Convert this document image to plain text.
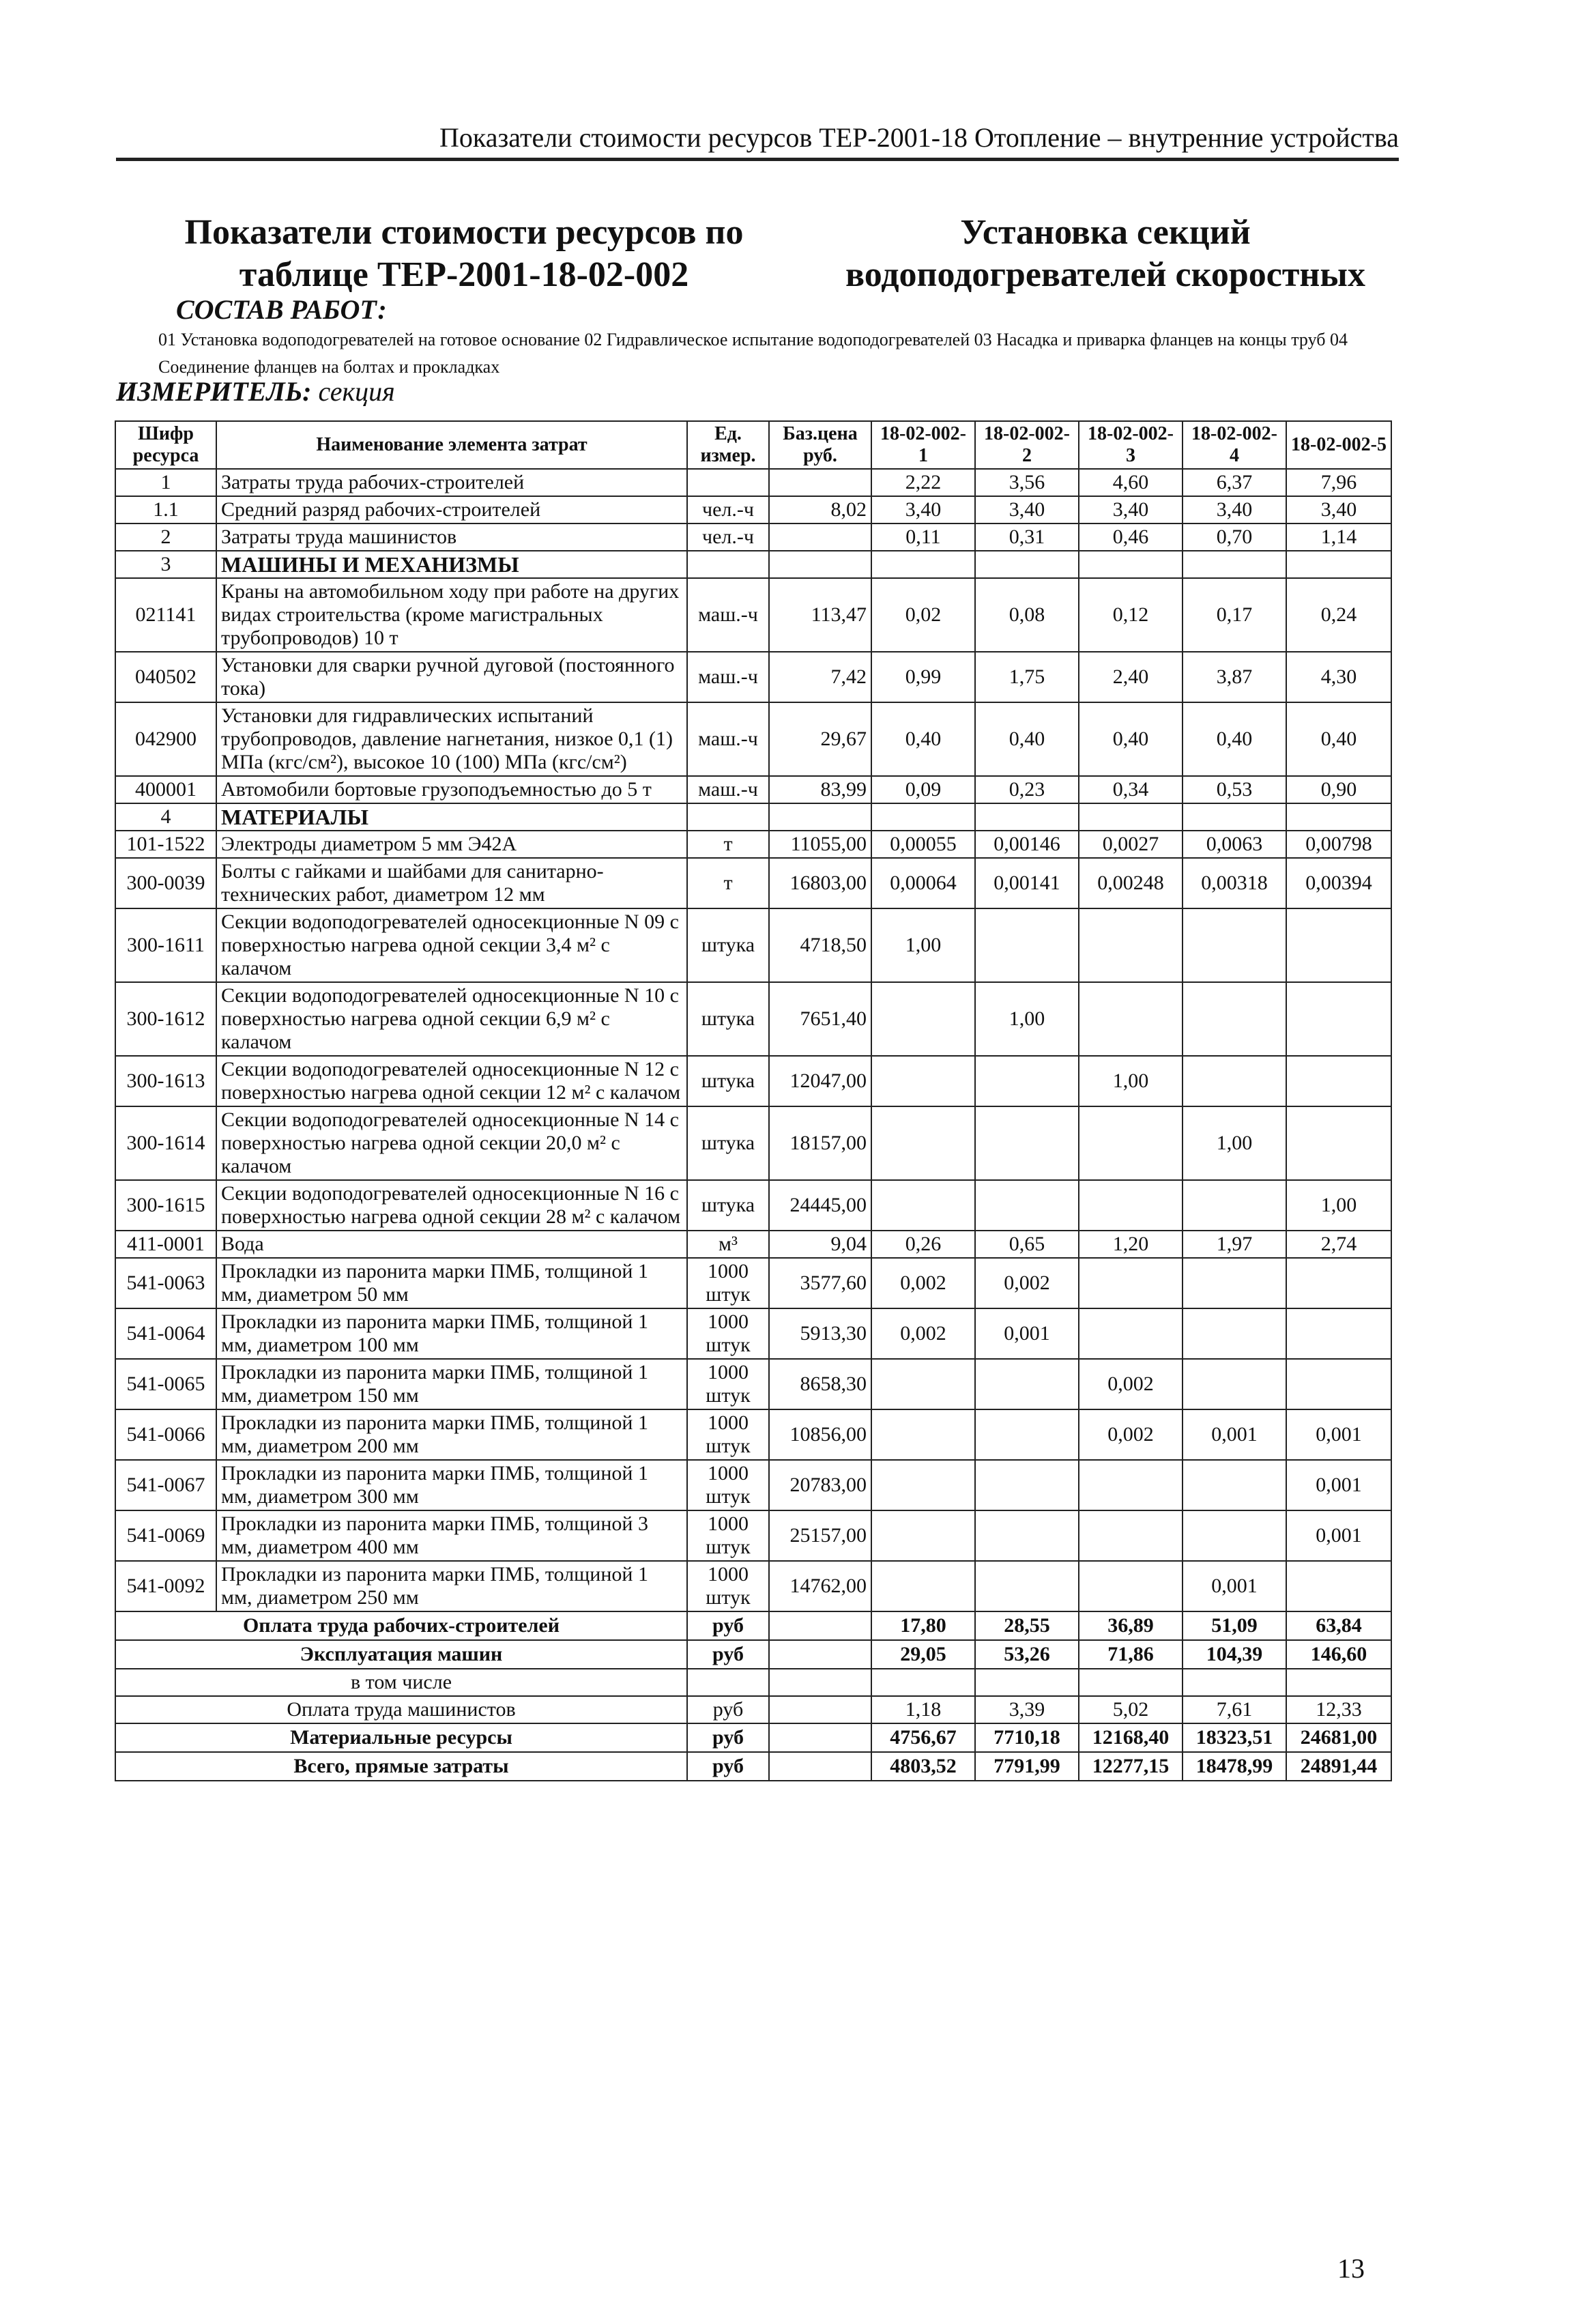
Показатели стоимости ресурсов ТЕР-2001-18 Отопление – внутренние устройства
Показатели стоимости ресурсов по таблице ТЕР-2001-18-02-002
Установка секций водоподогревателей скоростных
СОСТАВ РАБОТ:
01 Установка водоподогревателей на готовое основание 02 Гидравлическое испытание водоподогревателей 03 Насадка и приварка фланцев на концы труб 04 Соединение фланцев на болтах и прокладках
ИЗМЕРИТЕЛЬ: секция
Шифр ресурса	Наименование элемента затрат	Ед. измер.	Баз.цена руб.	18-02-002-1	18-02-002-2	18-02-002-3	18-02-002-4	18-02-002-5
1	Затраты труда рабочих-строителей			2,22	3,56	4,60	6,37	7,96
1.1	Средний разряд рабочих-строителей	чел.-ч	8,02	3,40	3,40	3,40	3,40	3,40
2	Затраты труда машинистов	чел.-ч		0,11	0,31	0,46	0,70	1,14
3	МАШИНЫ И МЕХАНИЗМЫ							
021141	Краны на автомобильном ходу при работе на других видах строительства (кроме магистральных трубопроводов) 10 т	маш.-ч	113,47	0,02	0,08	0,12	0,17	0,24
040502	Установки для сварки ручной дуговой (постоянного тока)	маш.-ч	7,42	0,99	1,75	2,40	3,87	4,30
042900	Установки для гидравлических испытаний трубопроводов, давление нагнетания, низкое 0,1 (1) МПа (кгс/см²), высокое 10 (100) МПа (кгс/см²)	маш.-ч	29,67	0,40	0,40	0,40	0,40	0,40
400001	Автомобили бортовые грузоподъемностью до 5 т	маш.-ч	83,99	0,09	0,23	0,34	0,53	0,90
4	МАТЕРИАЛЫ							
101-1522	Электроды диаметром 5 мм Э42А	т	11055,00	0,00055	0,00146	0,0027	0,0063	0,00798
300-0039	Болты с гайками и шайбами для санитарно-технических работ, диаметром 12 мм	т	16803,00	0,00064	0,00141	0,00248	0,00318	0,00394
300-1611	Секции водоподогревателей односекционные N 09 с поверхностью нагрева одной секции 3,4 м² с калачом	штука	4718,50	1,00				
300-1612	Секции водоподогревателей односекционные N 10 с поверхностью нагрева одной секции 6,9 м² с калачом	штука	7651,40		1,00			
300-1613	Секции водоподогревателей односекционные N 12 с поверхностью нагрева одной секции 12 м² с калачом	штука	12047,00			1,00		
300-1614	Секции водоподогревателей односекционные N 14 с поверхностью нагрева одной секции 20,0 м² с калачом	штука	18157,00				1,00	
300-1615	Секции водоподогревателей односекционные N 16 с поверхностью нагрева одной секции 28 м² с калачом	штука	24445,00					1,00
411-0001	Вода	м³	9,04	0,26	0,65	1,20	1,97	2,74
541-0063	Прокладки из паронита марки ПМБ, толщиной 1 мм, диаметром 50 мм	1000 штук	3577,60	0,002	0,002			
541-0064	Прокладки из паронита марки ПМБ, толщиной 1 мм, диаметром 100 мм	1000 штук	5913,30	0,002	0,001			
541-0065	Прокладки из паронита марки ПМБ, толщиной 1 мм, диаметром 150 мм	1000 штук	8658,30			0,002		
541-0066	Прокладки из паронита марки ПМБ, толщиной 1 мм, диаметром 200 мм	1000 штук	10856,00			0,002	0,001	0,001
541-0067	Прокладки из паронита марки ПМБ, толщиной 1 мм, диаметром 300 мм	1000 штук	20783,00					0,001
541-0069	Прокладки из паронита марки ПМБ, толщиной 3 мм, диаметром 400 мм	1000 штук	25157,00					0,001
541-0092	Прокладки из паронита марки ПМБ, толщиной 1 мм, диаметром 250 мм	1000 штук	14762,00				0,001	
Оплата труда рабочих-строителей		руб		17,80	28,55	36,89	51,09	63,84
Эксплуатация машин		руб		29,05	53,26	71,86	104,39	146,60
в том числе								
Оплата труда машинистов		руб		1,18	3,39	5,02	7,61	12,33
Материальные ресурсы		руб		4756,67	7710,18	12168,40	18323,51	24681,00
Всего, прямые затраты		руб		4803,52	7791,99	12277,15	18478,99	24891,44
13
